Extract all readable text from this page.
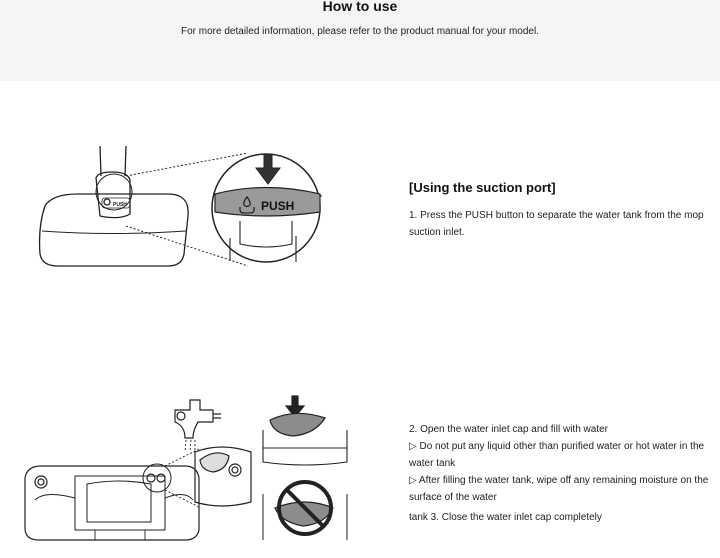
How to use
For more detailed information, please refer to the product manual for your model.
PUSH	PUSH
[Using the suction port]
1. Press the PUSH button to separate the water tank from the mop
suction inlet.
2. Open the water inlet cap and fill with water
▷ Do not put any liquid other than purified water or hot water in the
water tank
▷ After filling the water tank, wipe off any remaining moisture on the
surface of the water
tank 3. Close the water inlet cap completely
